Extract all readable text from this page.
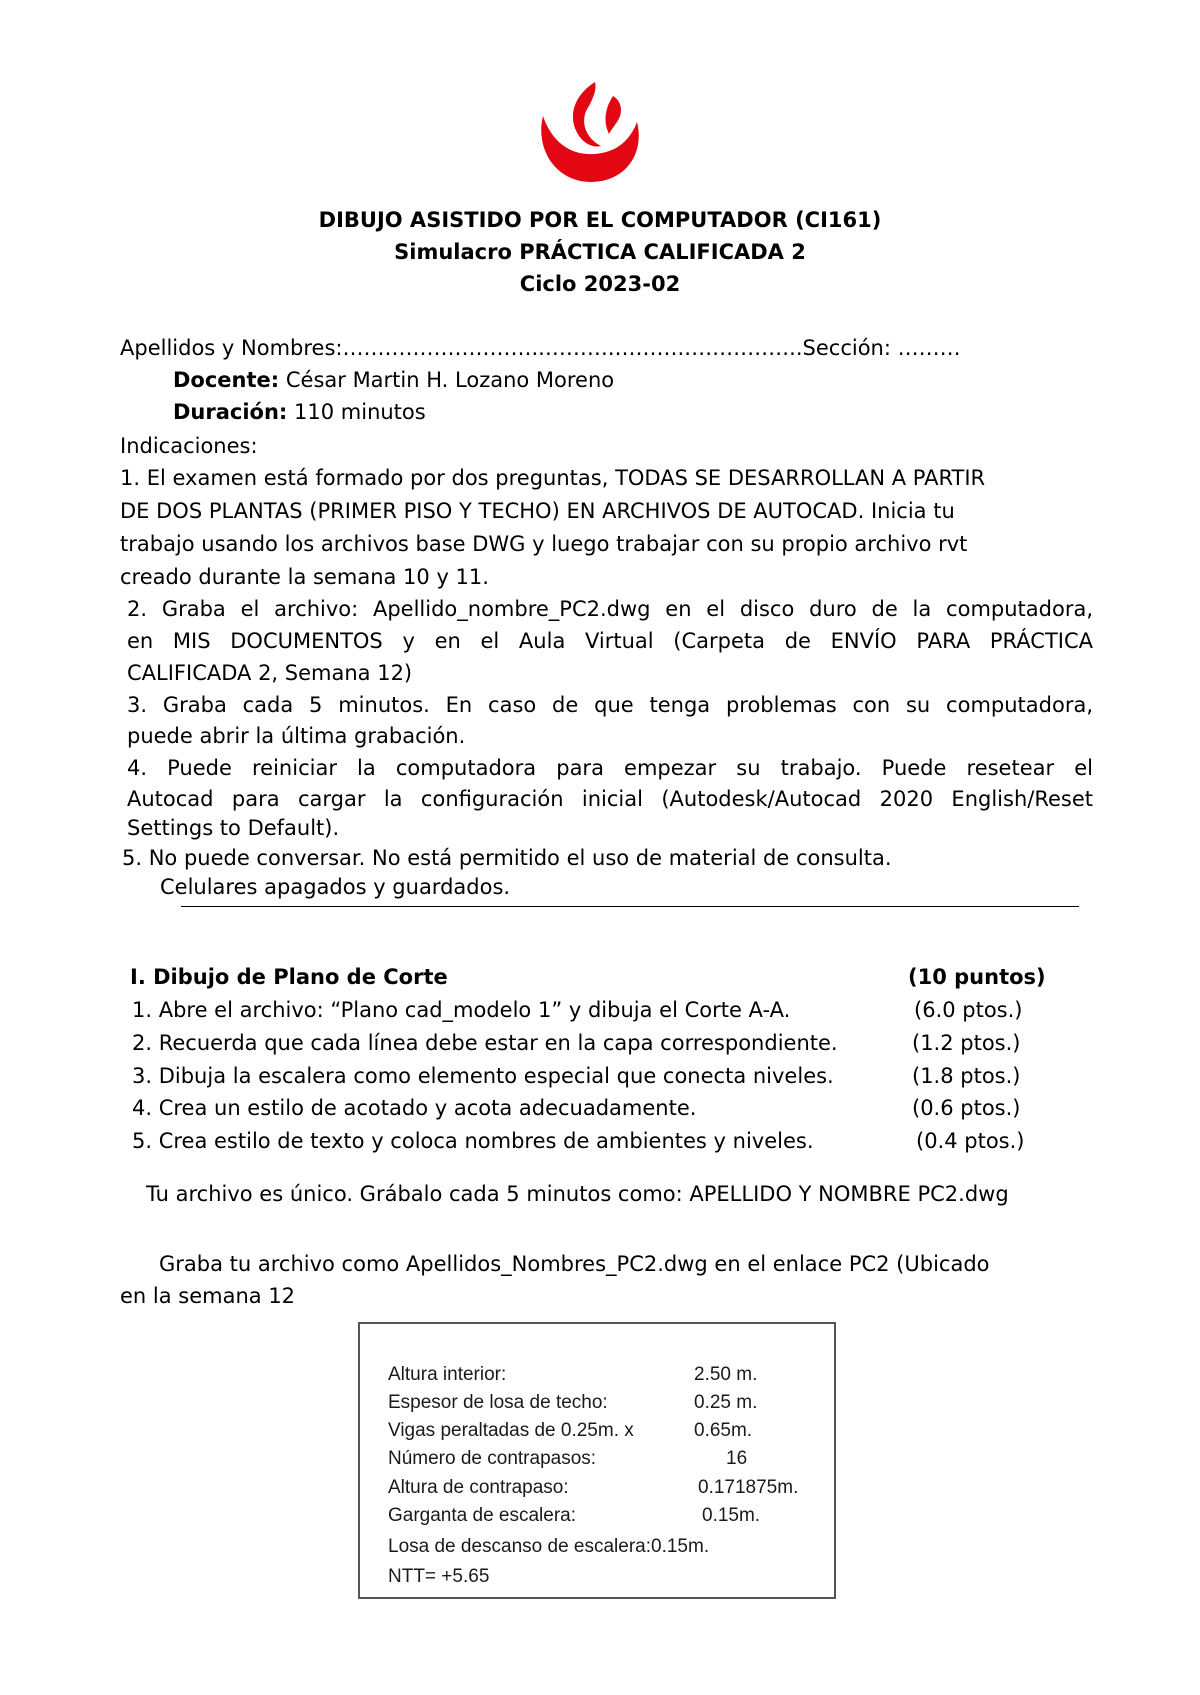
DIBUJO ASISTIDO POR EL COMPUTADOR (CI161)
Simulacro PRÁCTICA CALIFICADA 2
Ciclo 2023-02
Apellidos y Nombres:………………………..……….……….……………..Sección: ………
Docente: César Martin H. Lozano Moreno
Duración: 110 minutos
Indicaciones:
1. El examen está formado por dos preguntas, TODAS SE DESARROLLAN A PARTIR
DE DOS PLANTAS (PRIMER PISO Y TECHO) EN ARCHIVOS DE AUTOCAD. Inicia tu
trabajo usando los archivos base DWG y luego trabajar con su propio archivo rvt
creado durante la semana 10 y 11.
2. Graba el archivo: Apellido_nombre_PC2.dwg en el disco duro de la computadora,
en MIS DOCUMENTOS y en el Aula Virtual (Carpeta de ENVÍO PARA PRÁCTICA
CALIFICADA 2, Semana 12)
3. Graba cada 5 minutos. En caso de que tenga problemas con su computadora,
puede abrir la última grabación.
4. Puede reiniciar la computadora para empezar su trabajo. Puede resetear el
Autocad para cargar la configuración inicial (Autodesk/Autocad 2020 English/Reset
Settings to Default).
5. No puede conversar. No está permitido el uso de material de consulta.
Celulares apagados y guardados.
I. Dibujo de Plano de Corte	(10 puntos)
1. Abre el archivo: “Plano cad_modelo 1” y dibuja el Corte A-A.	(6.0 ptos.)
2. Recuerda que cada línea debe estar en la capa correspondiente.	(1.2 ptos.)
3. Dibuja la escalera como elemento especial que conecta niveles.	(1.8 ptos.)
4. Crea un estilo de acotado y acota adecuadamente.	(0.6 ptos.)
5. Crea estilo de texto y coloca nombres de ambientes y niveles.	(0.4 ptos.)
Tu archivo es único. Grábalo cada 5 minutos como: APELLIDO Y NOMBRE PC2.dwg
Graba tu archivo como Apellidos_Nombres_PC2.dwg en el enlace PC2 (Ubicado
en la semana 12
Altura interior:	2.50 m.
Espesor de losa de techo:	0.25 m.
Vigas peraltadas de 0.25m. x	0.65m.
Número de contrapasos:	16
Altura de contrapaso:	0.171875m.
Garganta de escalera:	0.15m.
Losa de descanso de escalera:0.15m.
NTT= +5.65
